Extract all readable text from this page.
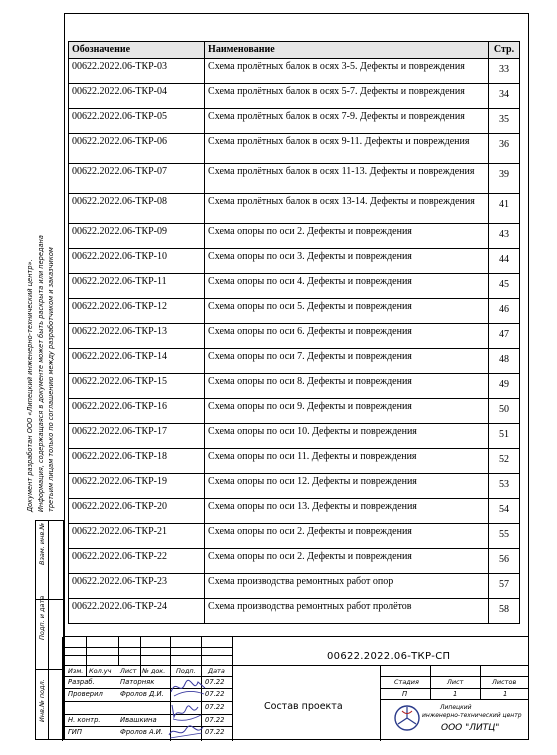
Документ разработан ООО «Липецкий инженерно-технический центр». Информация, содержащаяся в документе может быть раскрыта или передана третьим лицам только по соглашению между разработчиком и заказчиком
Взам. инв.№
Подп. и дата
Инв.№ подл.
Обозначение	Наименование	Стр.
00622.2022.06-ТКР-03	Схема пролётных балок в осях 3-5. Дефекты и повреждения	33
00622.2022.06-ТКР-04	Схема пролётных балок в осях 5-7. Дефекты и повреждения	34
00622.2022.06-ТКР-05	Схема пролётных балок в осях 7-9. Дефекты и повреждения	35
00622.2022.06-ТКР-06	Схема пролётных балок в осях 9-11. Дефекты и повреждения	36
00622.2022.06-ТКР-07	Схема пролётных балок в осях 11-13. Дефекты и повреждения	39
00622.2022.06-ТКР-08	Схема пролётных балок в осях 13-14. Дефекты и повреждения	41
00622.2022.06-ТКР-09	Схема опоры по оси 2. Дефекты и повреждения	43
00622.2022.06-ТКР-10	Схема опоры по оси 3. Дефекты и повреждения	44
00622.2022.06-ТКР-11	Схема опоры по оси 4. Дефекты и повреждения	45
00622.2022.06-ТКР-12	Схема опоры по оси 5. Дефекты и повреждения	46
00622.2022.06-ТКР-13	Схема опоры по оси 6. Дефекты и повреждения	47
00622.2022.06-ТКР-14	Схема опоры по оси 7. Дефекты и повреждения	48
00622.2022.06-ТКР-15	Схема опоры по оси 8. Дефекты и повреждения	49
00622.2022.06-ТКР-16	Схема опоры по оси 9. Дефекты и повреждения	50
00622.2022.06-ТКР-17	Схема опоры по оси 10. Дефекты и повреждения	51
00622.2022.06-ТКР-18	Схема опоры по оси 11. Дефекты и повреждения	52
00622.2022.06-ТКР-19	Схема опоры по оси 12. Дефекты и повреждения	53
00622.2022.06-ТКР-20	Схема опоры по оси 13. Дефекты и повреждения	54
00622.2022.06-ТКР-21	Схема опоры по оси 2. Дефекты и повреждения	55
00622.2022.06-ТКР-22	Схема опоры по оси 2. Дефекты и повреждения	56
00622.2022.06-ТКР-23	Схема производства ремонтных работ опор	57
00622.2022.06-ТКР-24	Схема производства ремонтных работ пролётов	58
00622.2022.06-ТКР-СП
Состав проекта
Изм. Кол.уч Лист № док. Подп. Дата
Разраб.	Паторняк	07.22
Проверил	Фролов Д.И.	07.22
07.22
Н. контр.	Ивашкина	07.22
ГИП	Фролов А.И.	07.22
Стадия	Лист	Листов
П	1	1
Липецкий
инженерно-технический центр
ООО "ЛИТЦ"
